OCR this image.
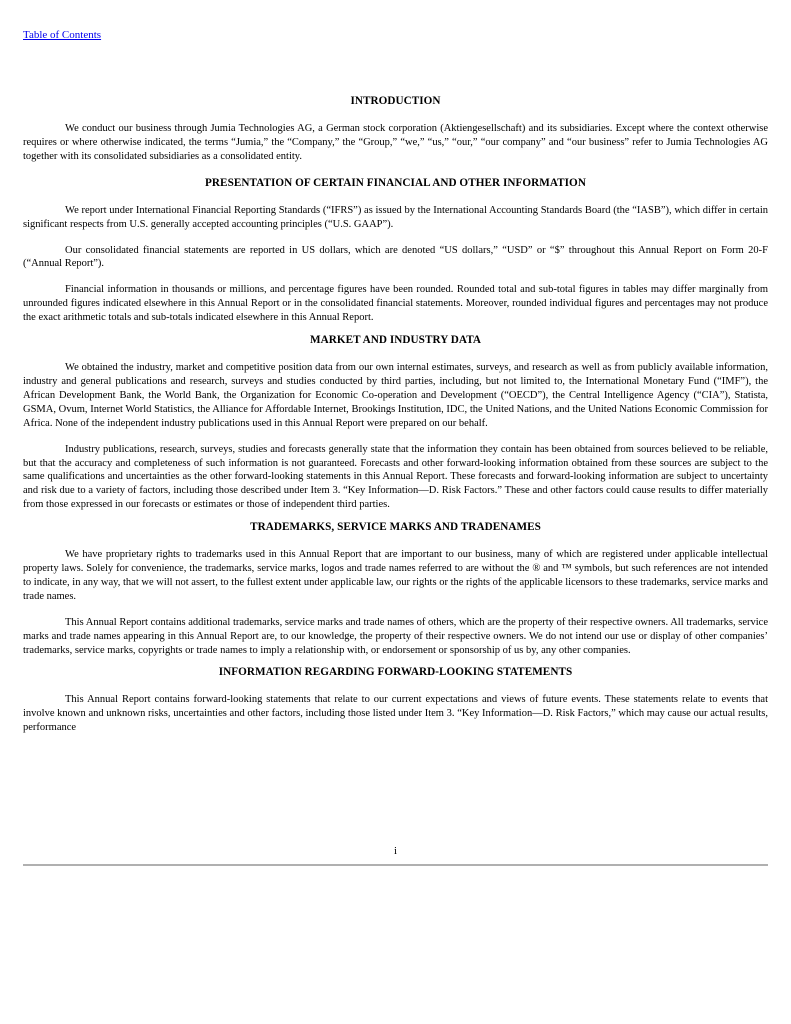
Table of Contents
INTRODUCTION

We conduct our business through Jumia Technologies AG, a German stock corporation (Aktiengesellschaft) and its subsidiaries. Except where the context otherwise requires or where otherwise indicated, the terms “Jumia,” the “Company,” the “Group,” “we,” “us,” “our,” “our company” and “our business” refer to Jumia Technologies AG together with its consolidated subsidiaries as a consolidated entity.

PRESENTATION OF CERTAIN FINANCIAL AND OTHER INFORMATION

We report under International Financial Reporting Standards (“IFRS”) as issued by the International Accounting Standards Board (the “IASB”), which differ in certain significant respects from U.S. generally accepted accounting principles (“U.S. GAAP”).

Our consolidated financial statements are reported in US dollars, which are denoted “US dollars,” “USD” or “$” throughout this Annual Report on Form 20-F (“Annual Report”).

Financial information in thousands or millions, and percentage figures have been rounded. Rounded total and sub-total figures in tables may differ marginally from unrounded figures indicated elsewhere in this Annual Report or in the consolidated financial statements. Moreover, rounded individual figures and percentages may not produce the exact arithmetic totals and sub-totals indicated elsewhere in this Annual Report.

MARKET AND INDUSTRY DATA

We obtained the industry, market and competitive position data from our own internal estimates, surveys, and research as well as from publicly available information, industry and general publications and research, surveys and studies conducted by third parties, including, but not limited to, the International Monetary Fund (“IMF”), the African Development Bank, the World Bank, the Organization for Economic Co-operation and Development (“OECD”), the Central Intelligence Agency (“CIA”), Statista, GSMA, Ovum, Internet World Statistics, the Alliance for Affordable Internet, Brookings Institution, IDC, the United Nations, and the United Nations Economic Commission for Africa. None of the independent industry publications used in this Annual Report were prepared on our behalf.

Industry publications, research, surveys, studies and forecasts generally state that the information they contain has been obtained from sources believed to be reliable, but that the accuracy and completeness of such information is not guaranteed. Forecasts and other forward-looking information obtained from these sources are subject to the same qualifications and uncertainties as the other forward-looking statements in this Annual Report. These forecasts and forward-looking information are subject to uncertainty and risk due to a variety of factors, including those described under Item 3. “Key Information—D. Risk Factors.” These and other factors could cause results to differ materially from those expressed in our forecasts or estimates or those of independent third parties.

TRADEMARKS, SERVICE MARKS AND TRADENAMES

We have proprietary rights to trademarks used in this Annual Report that are important to our business, many of which are registered under applicable intellectual property laws. Solely for convenience, the trademarks, service marks, logos and trade names referred to are without the ® and ™ symbols, but such references are not intended to indicate, in any way, that we will not assert, to the fullest extent under applicable law, our rights or the rights of the applicable licensors to these trademarks, service marks and trade names.

This Annual Report contains additional trademarks, service marks and trade names of others, which are the property of their respective owners. All trademarks, service marks and trade names appearing in this Annual Report are, to our knowledge, the property of their respective owners. We do not intend our use or display of other companies’ trademarks, service marks, copyrights or trade names to imply a relationship with, or endorsement or sponsorship of us by, any other companies.

INFORMATION REGARDING FORWARD-LOOKING STATEMENTS

This Annual Report contains forward-looking statements that relate to our current expectations and views of future events. These statements relate to events that involve known and unknown risks, uncertainties and other factors, including those listed under Item 3. “Key Information—D. Risk Factors,” which may cause our actual results, performance

i
